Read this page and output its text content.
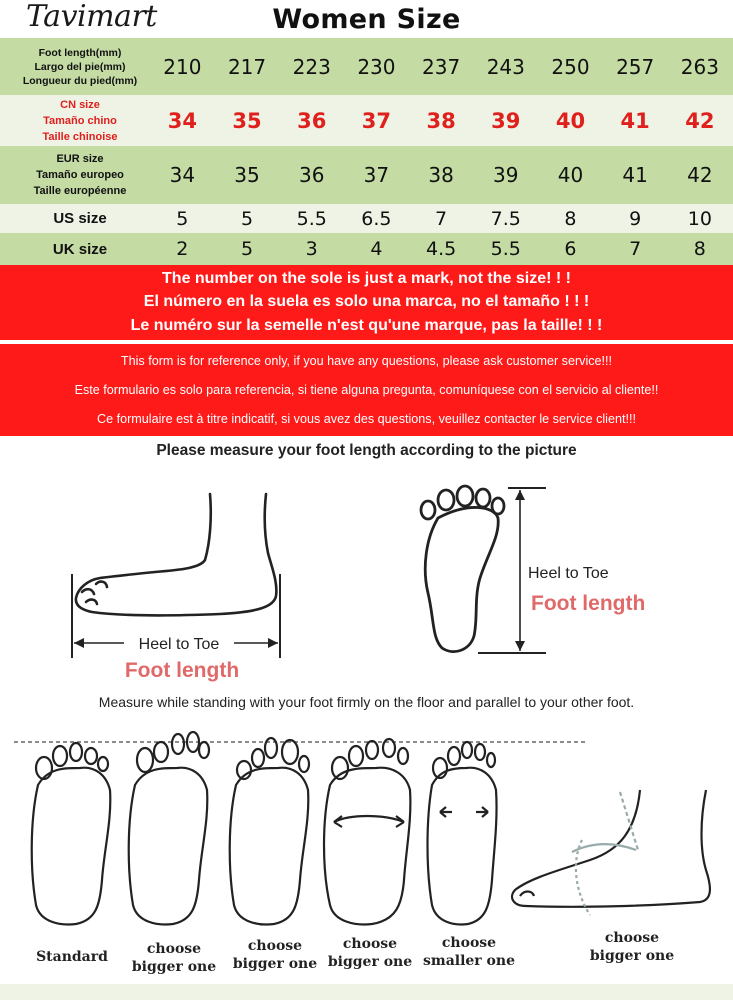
Women Size
Tavimart
Foot length(mm)
Largo del pie(mm)
Longueur du pied(mm)
210	217	223	230	237	243	250	257	263
CN size
Tamaño chino
Taille chinoise
34	35	36	37	38	39	40	41	42
EUR size
Tamaño europeo
Taille européenne
34	35	36	37	38	39	40	41	42
US size	5	5	5.5	6.5	7	7.5	8	9	10
UK size	2	5	3	4	4.5	5.5	6	7	8
The number on the sole is just a mark, not the size! ! !
El número en la suela es solo una marca, no el tamaño ! ! !
Le numéro sur la semelle n'est qu'une marque, pas la taille! ! !
This form is for reference only, if you have any questions, please ask customer service!!!
Este formulario es solo para referencia, si tiene alguna pregunta, comuníquese con el servicio al cliente!!
Ce formulaire est à titre indicatif, si vous avez des questions, veuillez contacter le service client!!!
Please measure your foot length according to the picture
Heel to Toe
Foot length
Heel to Toe
Foot length
Measure while standing with your foot firmly on the floor and parallel to your other foot.
Standard	choose
bigger one
choose
bigger one
choose
bigger one
choose
smaller one
choose
bigger one
